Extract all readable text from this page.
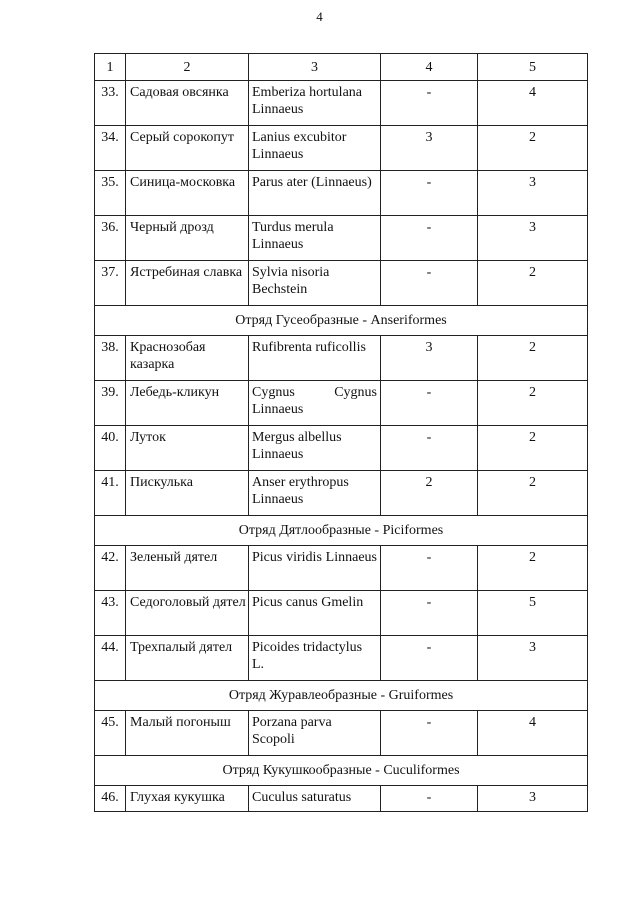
4
1	2	3	4	5
33.	Садовая овсянка	Emberiza hortulana Linnaeus	-	4
34.	Серый сорокопут	Lanius excubitor Linnaeus	3	2
35.	Синица-московка	Parus ater (Linnaeus)	-	3
36.	Черный дрозд	Turdus merula Linnaeus	-	3
37.	Ястребиная славка	Sylvia nisoria Bechstein	-	2
Отряд Гусеобразные - Anseriformes				
38.	Краснозобая казарка	Rufibrenta ruficollis	3	2
39.	Лебедь-кликун	Cygnus Cygnus Linnaeus	-	2
40.	Луток	Mergus albellus Linnaeus	-	2
41.	Пискулька	Anser erythropus Linnaeus	2	2
Отряд Дятлообразные - Piciformes				
42.	Зеленый дятел	Picus viridis Linnaeus	-	2
43.	Седоголовый дятел	Picus canus Gmelin	-	5
44.	Трехпалый дятел	Picoides tridactylus L.	-	3
Отряд Журавлеобразные - Gruiformes				
45.	Малый погоныш	Porzana parva Scopoli	-	4
Отряд Кукушкообразные - Cuculiformes				
46.	Глухая кукушка	Cuculus saturatus	-	3
